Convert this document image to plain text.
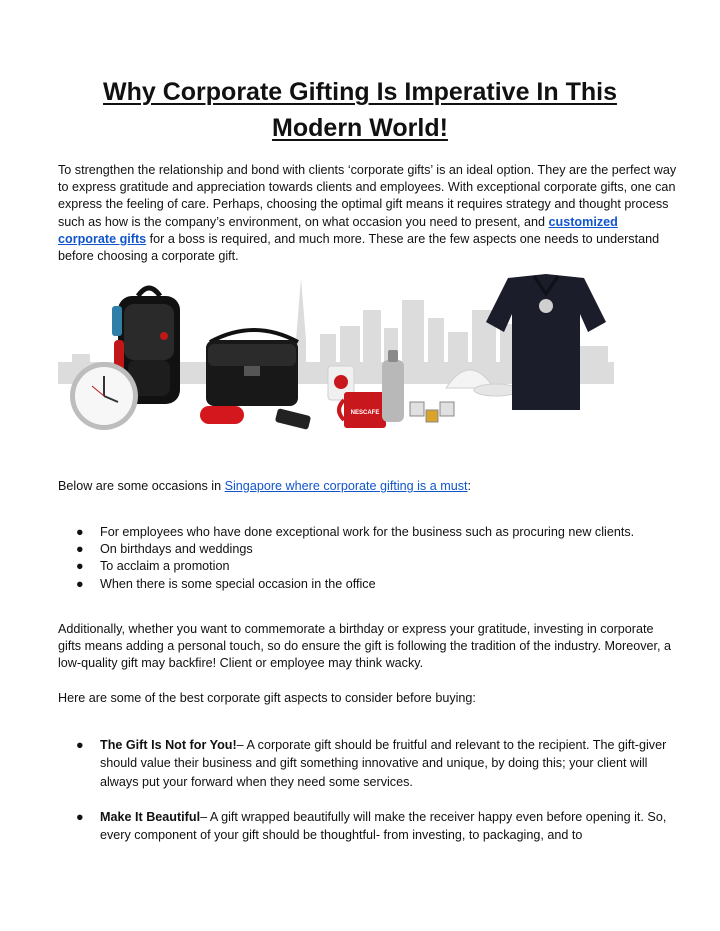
Why Corporate Gifting Is Imperative In This Modern World!

To strengthen the relationship and bond with clients ‘corporate gifts’ is an ideal option. They are the perfect way to express gratitude and appreciation towards clients and employees. With exceptional corporate gifts, one can express the feeling of care. Perhaps, choosing the optimal gift means it requires strategy and thought process such as how is the company’s environment, on what occasion you need to present, and customized corporate gifts for a boss is required, and much more. These are the few aspects one needs to understand before choosing a corporate gift.

NESCAFE

Below are some occasions in Singapore where corporate gifting is a must:

● For employees who have done exceptional work for the business such as procuring new clients.
● On birthdays and weddings
● To acclaim a promotion
● When there is some special occasion in the office

Additionally, whether you want to commemorate a birthday or express your gratitude, investing in corporate gifts means adding a personal touch, so do ensure the gift is following the tradition of the industry. Moreover, a low-quality gift may backfire! Client or employee may think wacky.

Here are some of the best corporate gift aspects to consider before buying:

● The Gift Is Not for You!– A corporate gift should be fruitful and relevant to the recipient. The gift-giver should value their business and gift something innovative and unique, by doing this; your client will always put your forward when they need some services.
● Make It Beautiful– A gift wrapped beautifully will make the receiver happy even before opening it. So, every component of your gift should be thoughtful- from investing, to packaging, and to
